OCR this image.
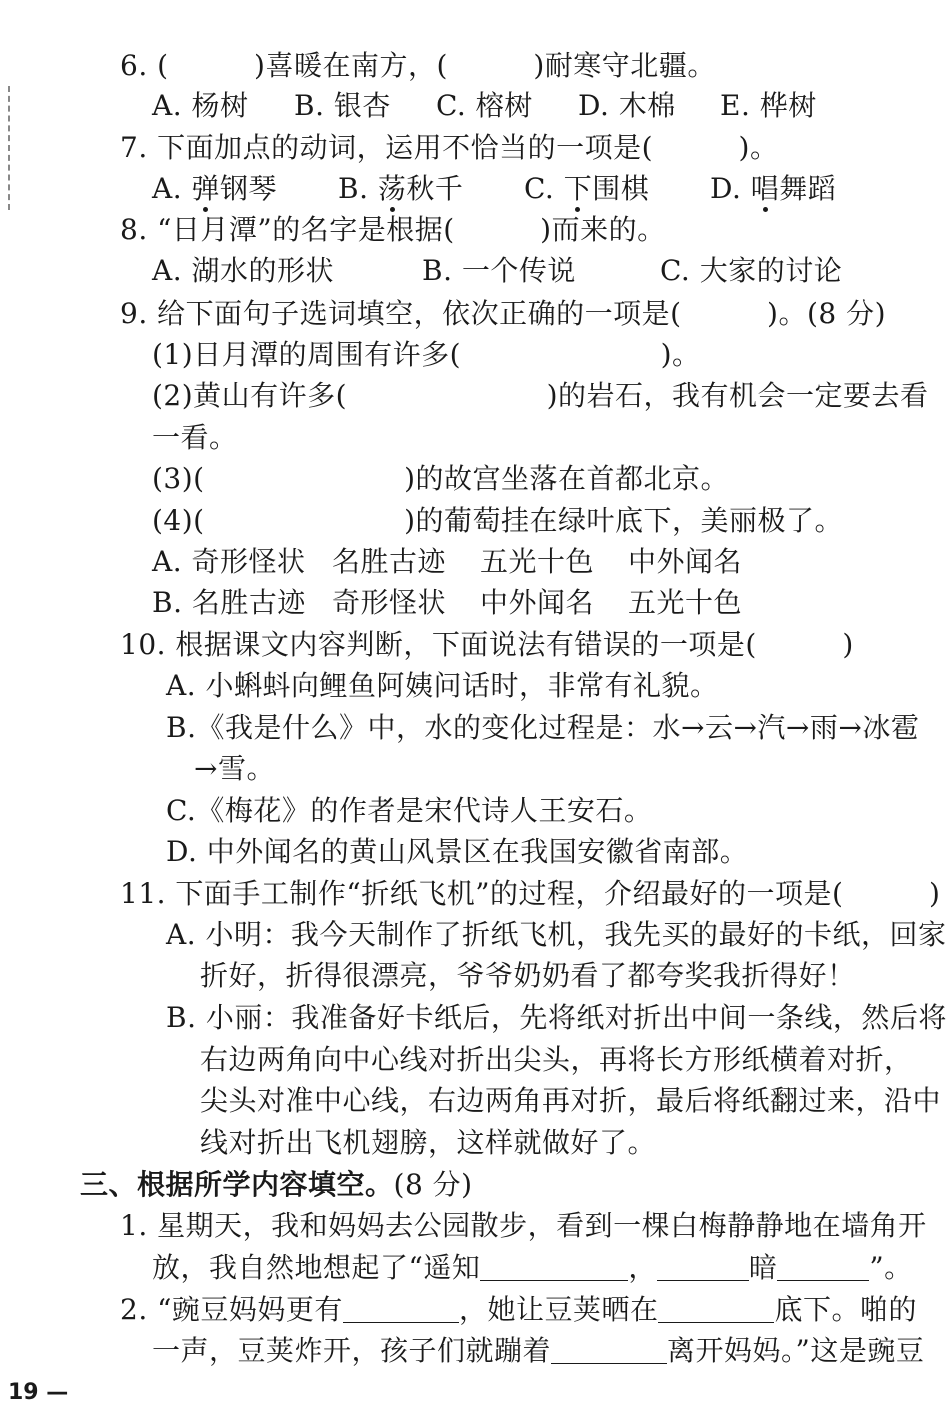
6. (　　　)喜暖在南方，(　　　)耐寒守北疆。
A. 杨树 B. 银杏 C. 榕树 D. 木棉 E. 桦树
7. 下面加点的动词，运用不恰当的一项是(　　　)。
A. 弹钢琴 B. 荡秋千 C. 下围棋 D. 唱舞蹈
8. “日月潭”的名字是根据(　　　)而来的。
A. 湖水的形状	B. 一个传说	C. 大家的讨论
9. 给下面句子选词填空，依次正确的一项是(　　　)。(8 分)
(1)日月潭的周围有许多(　　　　　　　)。
(2)黄山有许多(　　　　　　　)的岩石，我有机会一定要去看
一看。
(3)(　　　　　　　)的故宫坐落在首都北京。
(4)(　　　　　　　)的葡萄挂在绿叶底下，美丽极了。
A. 奇形怪状 名胜古迹 五光十色 中外闻名
B. 名胜古迹 奇形怪状 中外闻名 五光十色
10. 根据课文内容判断，下面说法有错误的一项是(　　　)
A. 小蝌蚪向鲤鱼阿姨问话时，非常有礼貌。
B.《我是什么》中，水的变化过程是：水→云→汽→雨→冰雹
→雪。
C.《梅花》的作者是宋代诗人王安石。
D. 中外闻名的黄山风景区在我国安徽省南部。
11. 下面手工制作“折纸飞机”的过程，介绍最好的一项是(　　　)
A. 小明：我今天制作了折纸飞机，我先买的最好的卡纸，回家
折好，折得很漂亮，爷爷奶奶看了都夸奖我折得好！
B. 小丽：我准备好卡纸后，先将纸对折出中间一条线，然后将
右边两角向中心线对折出尖头，再将长方形纸横着对折，
尖头对准中心线，右边两角再对折，最后将纸翻过来，沿中
线对折出飞机翅膀，这样就做好了。
三、根据所学内容填空。(8 分)
1. 星期天，我和妈妈去公园散步，看到一棵白梅静静地在墙角开
放，我自然地想起了“遥知	，	暗	”。
2. “豌豆妈妈更有	，她让豆荚晒在	底下。啪的
一声，豆荚炸开，孩子们就蹦着	离开妈妈。”这是豌豆
19 —
